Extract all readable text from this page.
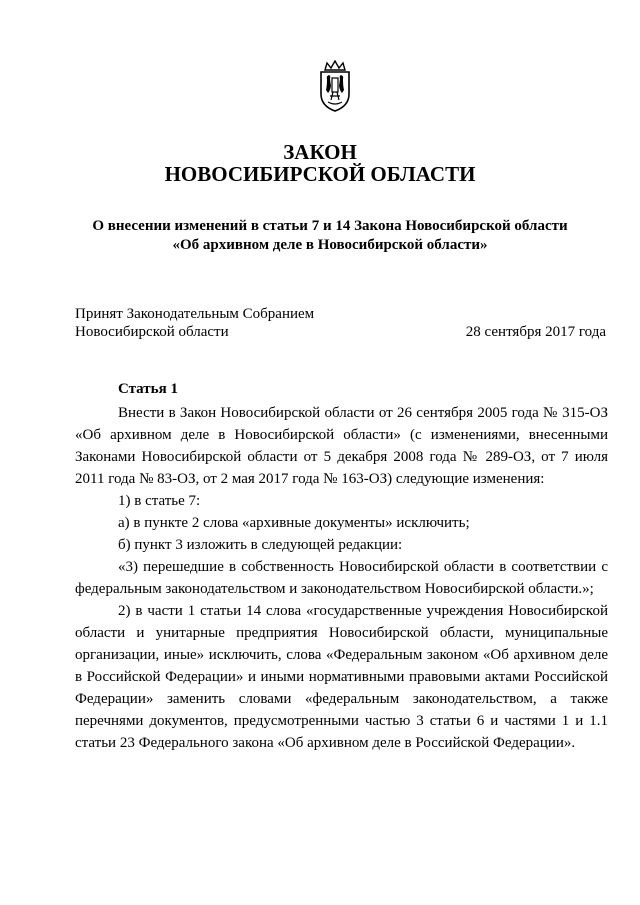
ЗАКОН
НОВОСИБИРСКОЙ ОБЛАСТИ
О внесении изменений в статьи 7 и 14 Закона Новосибирской области
«Об архивном деле в Новосибирской области»
Принят Законодательным Собранием
Новосибирской области	28 сентября 2017 года
Статья 1

Внести в Закон Новосибирской области от 26 сентября 2005 года № 315-ОЗ «Об архивном деле в Новосибирской области» (с изменениями, внесенными Законами Новосибирской области от 5 декабря 2008 года № 289-ОЗ, от 7 июля 2011 года № 83-ОЗ, от 2 мая 2017 года № 163-ОЗ) следующие изменения:

1) в статье 7:

а) в пункте 2 слова «архивные документы» исключить;

б) пункт 3 изложить в следующей редакции:

«3) перешедшие в собственность Новосибирской области в соответствии с федеральным законодательством и законодательством Новосибирской области.»;

2) в части 1 статьи 14 слова «государственные учреждения Новосибирской области и унитарные предприятия Новосибирской области, муниципальные организации, иные» исключить, слова «Федеральным законом «Об архивном деле в Российской Федерации» и иными нормативными правовыми актами Российской Федерации» заменить словами «федеральным законодательством, а также перечнями документов, предусмотренными частью 3 статьи 6 и частями 1 и 1.1 статьи 23 Федерального закона «Об архивном деле в Российской Федерации».
